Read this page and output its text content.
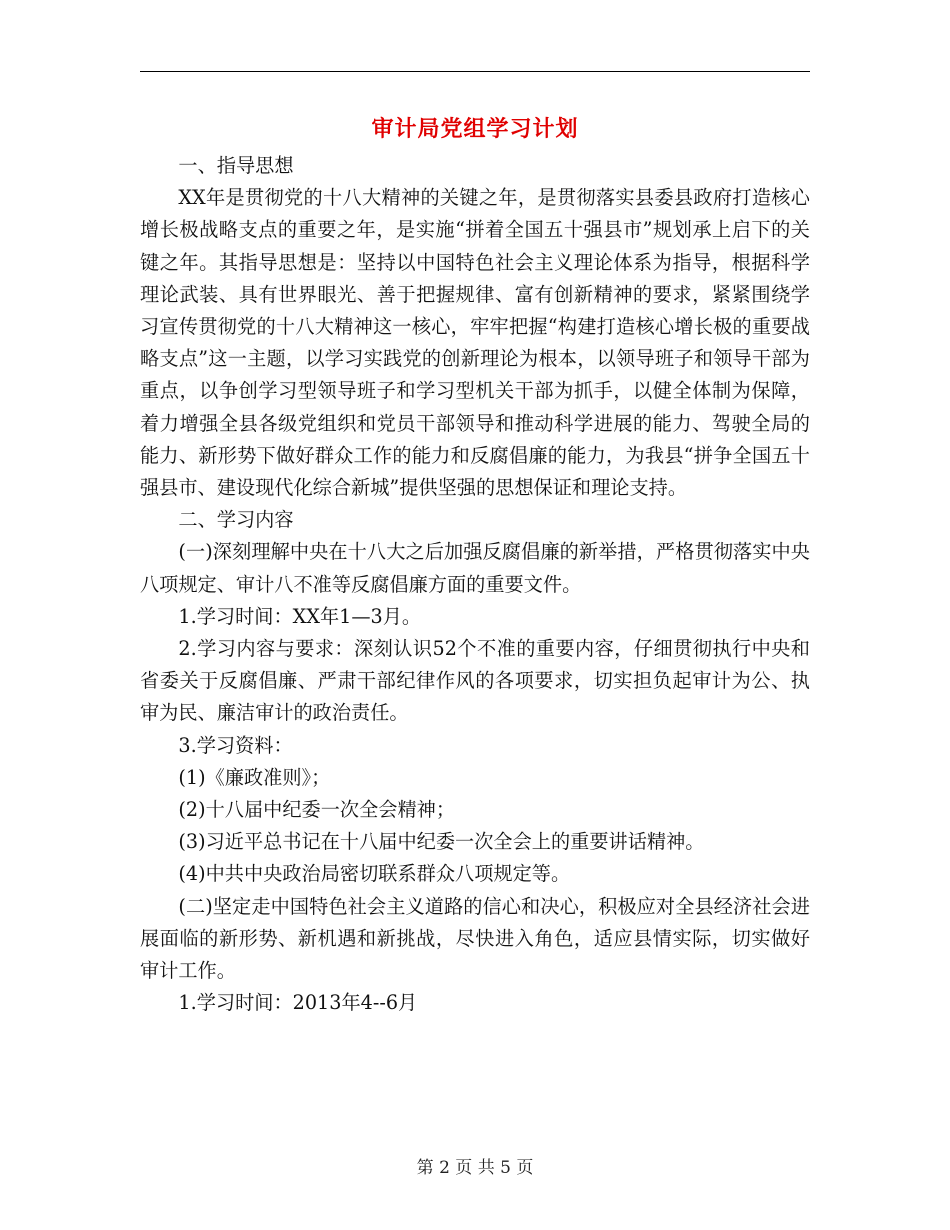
审计局党组学习计划

一、指导思想

XX年是贯彻党的十八大精神的关键之年，是贯彻落实县委县政府打造核心增长极战略支点的重要之年，是实施“拼着全国五十强县市”规划承上启下的关键之年。其指导思想是：坚持以中国特色社会主义理论体系为指导，根据科学理论武装、具有世界眼光、善于把握规律、富有创新精神的要求，紧紧围绕学习宣传贯彻党的十八大精神这一核心，牢牢把握“构建打造核心增长极的重要战略支点”这一主题，以学习实践党的创新理论为根本，以领导班子和领导干部为重点，以争创学习型领导班子和学习型机关干部为抓手，以健全体制为保障，着力增强全县各级党组织和党员干部领导和推动科学进展的能力、驾驶全局的能力、新形势下做好群众工作的能力和反腐倡廉的能力，为我县“拼争全国五十强县市、建设现代化综合新城”提供坚强的思想保证和理论支持。

二、学习内容

(一)深刻理解中央在十八大之后加强反腐倡廉的新举措，严格贯彻落实中央八项规定、审计八不准等反腐倡廉方面的重要文件。

1.学习时间：XX年1—3月。

2.学习内容与要求：深刻认识52个不准的重要内容，仔细贯彻执行中央和省委关于反腐倡廉、严肃干部纪律作风的各项要求，切实担负起审计为公、执审为民、廉洁审计的政治责任。

3.学习资料：

(1)《廉政准则》；

(2)十八届中纪委一次全会精神；

(3)习近平总书记在十八届中纪委一次全会上的重要讲话精神。

(4)中共中央政治局密切联系群众八项规定等。

(二)坚定走中国特色社会主义道路的信心和决心，积极应对全县经济社会进展面临的新形势、新机遇和新挑战，尽快进入角色，适应县情实际，切实做好审计工作。

1.学习时间：2013年4--6月

第 2 页 共 5 页
